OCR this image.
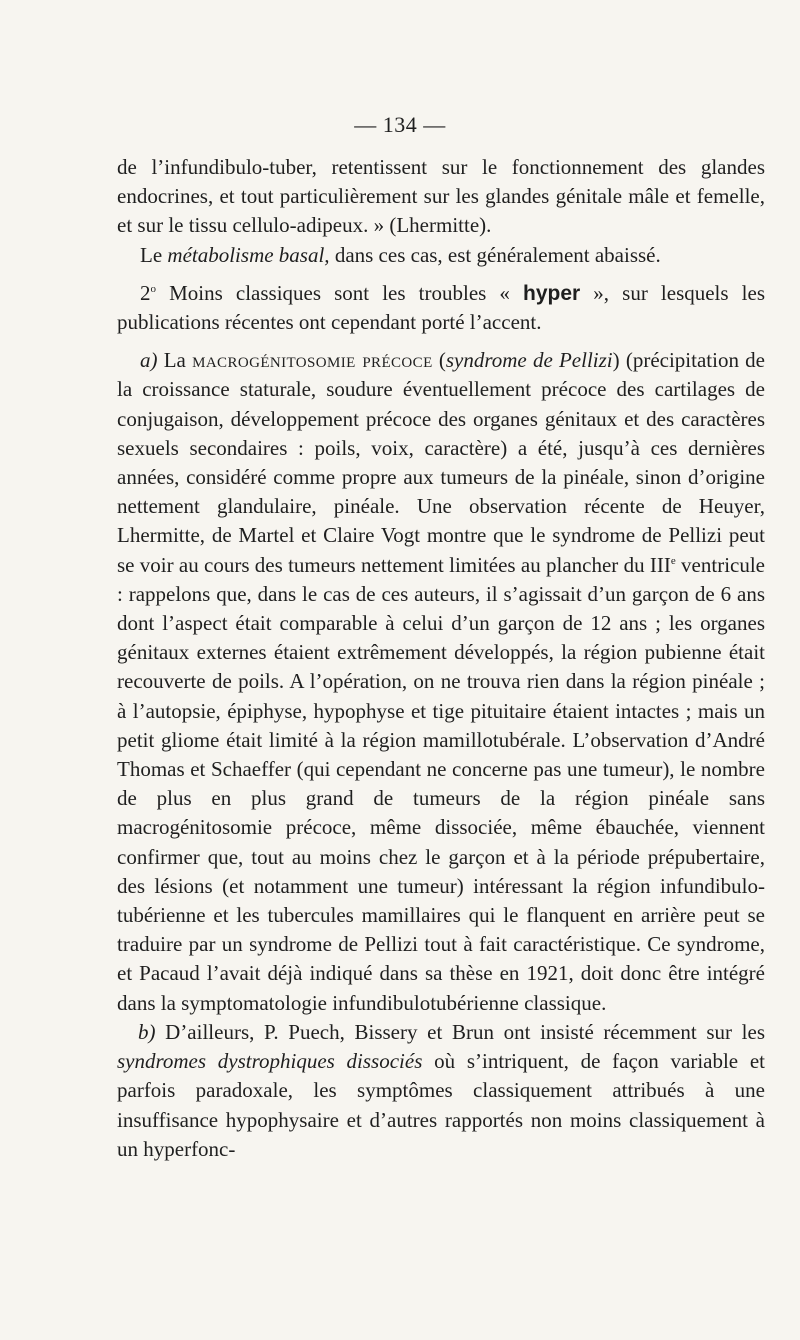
— 134 —

de l’infundibulo-tuber, retentissent sur le fonctionnement des glandes endocrines, et tout particulièrement sur les glandes génitale mâle et femelle, et sur le tissu cellulo-adipeux. » (Lhermitte).

Le métabolisme basal, dans ces cas, est généralement abaissé.

2$^o$ Moins classiques sont les troubles « hyper », sur lesquels les publications récentes ont cependant porté l’accent.

a) La macrogénitosomie précoce (syndrome de Pellizi) (précipitation de la croissance staturale, soudure éventuellement précoce des cartilages de conjugaison, développement précoce des organes génitaux et des caractères sexuels secondaires : poils, voix, caractère) a été, jusqu’à ces dernières années, considéré comme propre aux tumeurs de la pinéale, sinon d’origine nettement glandulaire, pinéale. Une observation récente de Heuyer, Lhermitte, de Martel et Claire Vogt montre que le syndrome de Pellizi peut se voir au cours des tumeurs nettement limitées au plancher du IIIe ventricule : rappelons que, dans le cas de ces auteurs, il s’agissait d’un garçon de 6 ans dont l’aspect était comparable à celui d’un garçon de 12 ans ; les organes génitaux externes étaient extrêmement développés, la région pubienne était recouverte de poils. A l’opération, on ne trouva rien dans la région pinéale ; à l’autopsie, épiphyse, hypophyse et tige pituitaire étaient intactes ; mais un petit gliome était limité à la région mamillotubérale. L’observation d’André Thomas et Schaeffer (qui cependant ne concerne pas une tumeur), le nombre de plus en plus grand de tumeurs de la région pinéale sans macrogénitosomie précoce, même dissociée, même ébauchée, viennent confirmer que, tout au moins chez le garçon et à la période prépubertaire, des lésions (et notamment une tumeur) intéressant la région infundibulo-tubérienne et les tubercules mamillaires qui le flanquent en arrière peut se traduire par un syndrome de Pellizi tout à fait caractéristique. Ce syndrome, et Pacaud l’avait déjà indiqué dans sa thèse en 1921, doit donc être intégré dans la symptomatologie infundibulotubérienne classique.

b) D’ailleurs, P. Puech, Bissery et Brun ont insisté récemment sur les syndromes dystrophiques dissociés où s’intriquent, de façon variable et parfois paradoxale, les symptômes classiquement attribués à une insuffisance hypophysaire et d’autres rapportés non moins classiquement à un hyperfonc-
